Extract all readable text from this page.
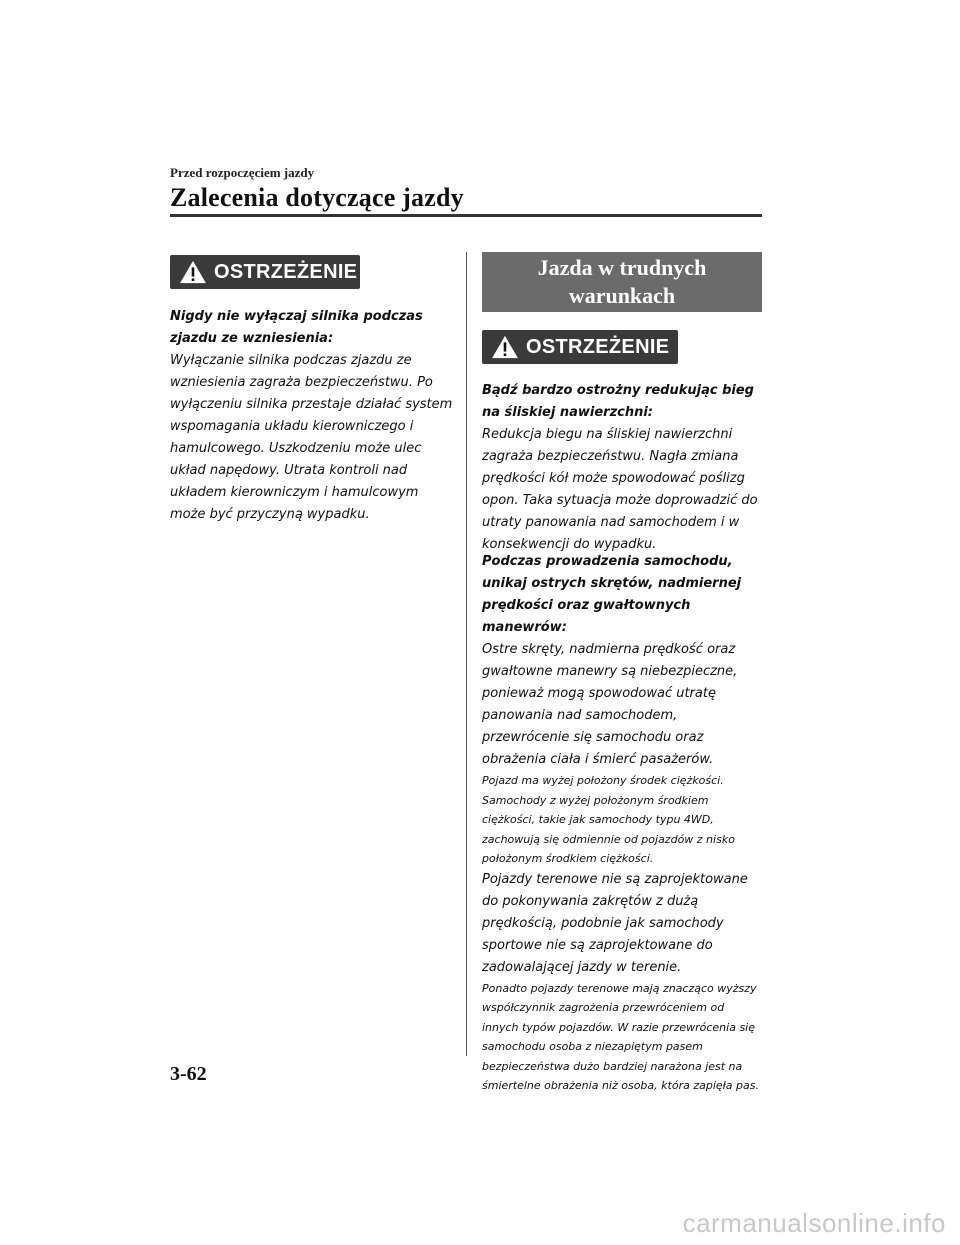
Przed rozpoczęciem jazdy
Zalecenia dotyczące jazdy
OSTRZEŻENIE

Nigdy nie wyłączaj silnika podczas zjazdu ze wzniesienia:

Wyłączanie silnika podczas zjazdu ze wzniesienia zagraża bezpieczeństwu. Po wyłączeniu silnika przestaje działać system wspomagania układu kierowniczego i hamulcowego. Uszkodzeniu może ulec układ napędowy. Utrata kontroli nad układem kierowniczym i hamulcowym może być przyczyną wypadku.

Jazda w trudnych warunkach
OSTRZEŻENIE

Bądź bardzo ostrożny redukując bieg na śliskiej nawierzchni:

Redukcja biegu na śliskiej nawierzchni zagraża bezpieczeństwu. Nagła zmiana prędkości kół może spowodować poślizg opon. Taka sytuacja może doprowadzić do utraty panowania nad samochodem i w konsekwencji do wypadku.

Podczas prowadzenia samochodu, unikaj ostrych skrętów, nadmiernej prędkości oraz gwałtownych manewrów:

Ostre skręty, nadmierna prędkość oraz gwałtowne manewry są niebezpieczne, ponieważ mogą spowodować utratę panowania nad samochodem, przewrócenie się samochodu oraz obrażenia ciała i śmierć pasażerów.

Pojazd ma wyżej położony środek ciężkości. Samochody z wyżej położonym środkiem ciężkości, takie jak samochody typu 4WD, zachowują się odmiennie od pojazdów z nisko położonym środkiem ciężkości.

Pojazdy terenowe nie są zaprojektowane do pokonywania zakrętów z dużą prędkością, podobnie jak samochody sportowe nie są zaprojektowane do zadowalającej jazdy w terenie.

Ponadto pojazdy terenowe mają znacząco wyższy współczynnik zagrożenia przewróceniem od innych typów pojazdów. W razie przewrócenia się samochodu osoba z niezapiętym pasem bezpieczeństwa dużo bardziej narażona jest na śmiertelne obrażenia niż osoba, która zapięła pas.

3-62
carmanualsonline.info
